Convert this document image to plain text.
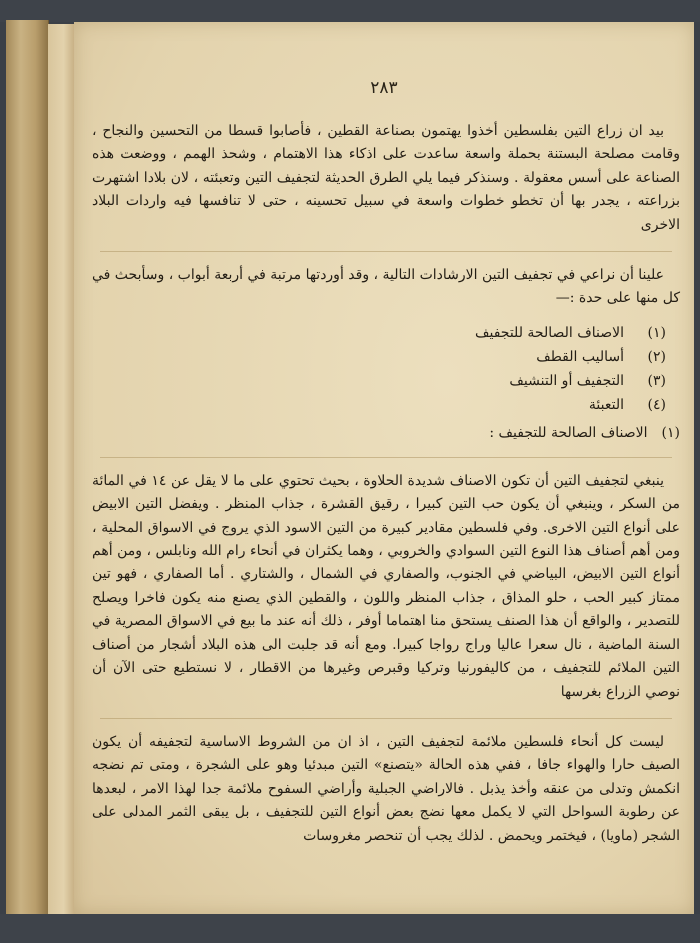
٢٨٣

بيد ان زراع التين بفلسطين أخذوا يهتمون بصناعة القطين ، فأصابوا قسطا من التحسين والنجاح ، وقامت مصلحة البستنة بحملة واسعة ساعدت على اذكاء هذا الاهتمام ، وشحذ الهمم ، ووضعت هذه الصناعة على أسس معقولة . وسنذكر فيما يلي الطرق الحديثة لتجفيف التين وتعبئته ، لان بلادا اشتهرت بزراعته ، يجدر بها أن تخطو خطوات واسعة في سبيل تحسينه ، حتى لا تنافسها فيه واردات البلاد الاخرى

علينا أن نراعي في تجفيف التين الارشادات التالية ، وقد أوردتها مرتبة في أربعة أبواب ، وسأبحث في كل منها على حدة :—

(١)
الاصناف الصالحة للتجفيف
(٢)
أساليب القطف
(٣)
التجفيف أو التنشيف
(٤)
التعبئة
(١)
الاصناف الصالحة للتجفيف :

ينبغي لتجفيف التين أن تكون الاصناف شديدة الحلاوة ، بحيث تحتوي على ما لا يقل عن ١٤ في المائة من السكر ، وينبغي أن يكون حب التين كبيرا ، رقيق القشرة ، جذاب المنظر . ويفضل التين الابيض على أنواع التين الاخرى. وفي فلسطين مقادير كبيرة من التين الاسود الذي يروج في الاسواق المحلية ، ومن أهم أصناف هذا النوع التين السوادي والخروبي ، وهما يكثران في أنحاء رام الله ونابلس ، ومن أهم أنواع التين الابيض، البياضي في الجنوب، والصفاري في الشمال ، والشتاري . أما الصفاري ، فهو تين ممتاز كبير الحب ، حلو المذاق ، جذاب المنظر واللون ، والقطين الذي يصنع منه يكون فاخرا ويصلح للتصدير ، والواقع أن هذا الصنف يستحق منا اهتماما أوفر ، ذلك أنه عند ما بيع في الاسواق المصرية في السنة الماضية ، نال سعرا عاليا وراج رواجا كبيرا. ومع أنه قد جلبت الى هذه البلاد أشجار من أصناف التين الملائم للتجفيف ، من كاليفورنيا وتركيا وقبرص وغيرها من الاقطار ، لا نستطيع حتى الآن أن نوصي الزراع بغرسها

ليست كل أنحاء فلسطين ملائمة لتجفيف التين ، اذ ان من الشروط الاساسية لتجفيفه أن يكون الصيف حارا والهواء جافا ، ففي هذه الحالة «يتصنع» التين مبدئيا وهو على الشجرة ، ومتى تم نضجه انكمش وتدلى من عنقه وأخذ يذبل . فالاراضي الجبلية وأراضي السفوح ملائمة جدا لهذا الامر ، لبعدها عن رطوبة السواحل التي لا يكمل معها نضج بعض أنواع التين للتجفيف ، بل يبقى الثمر المدلى على الشجر (ماويا) ، فيختمر ويحمض . لذلك يجب أن تنحصر مغروسات
